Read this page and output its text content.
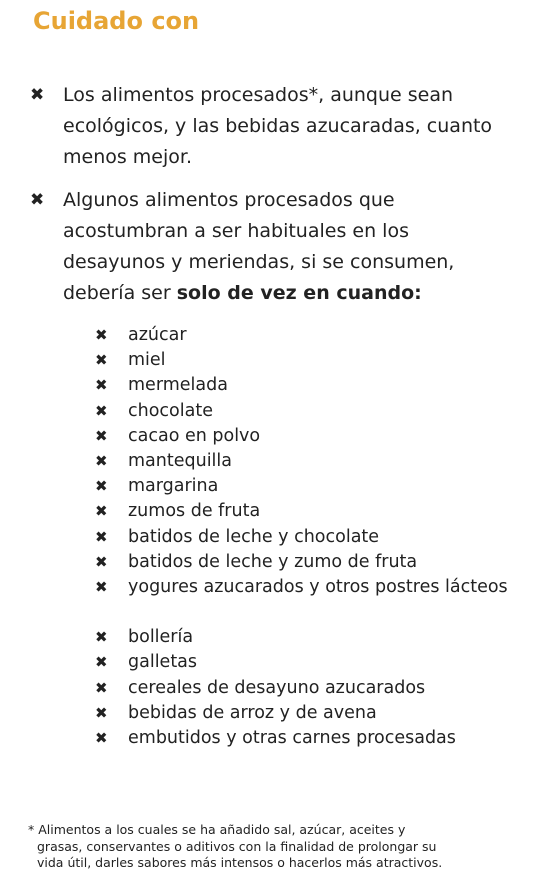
Cuidado con
✖ Los alimentos procesados*, aunque sean ecológicos, y las bebidas azucaradas, cuanto menos mejor.
✖ Algunos alimentos procesados que acostumbran a ser habituales en los desayunos y meriendas, si se consumen, debería ser solo de vez en cuando:
✖ azúcar
✖ miel
✖ mermelada
✖ chocolate
✖ cacao en polvo
✖ mantequilla
✖ margarina
✖ zumos de fruta
✖ batidos de leche y chocolate
✖ batidos de leche y zumo de fruta
✖ yogures azucarados y otros postres lácteos
✖ bollería
✖ galletas
✖ cereales de desayuno azucarados
✖ bebidas de arroz y de avena
✖ embutidos y otras carnes procesadas
* Alimentos a los cuales se ha añadido sal, azúcar, aceites y
grasas, conservantes o aditivos con la finalidad de prolongar su
vida útil, darles sabores más intensos o hacerlos más atractivos.
